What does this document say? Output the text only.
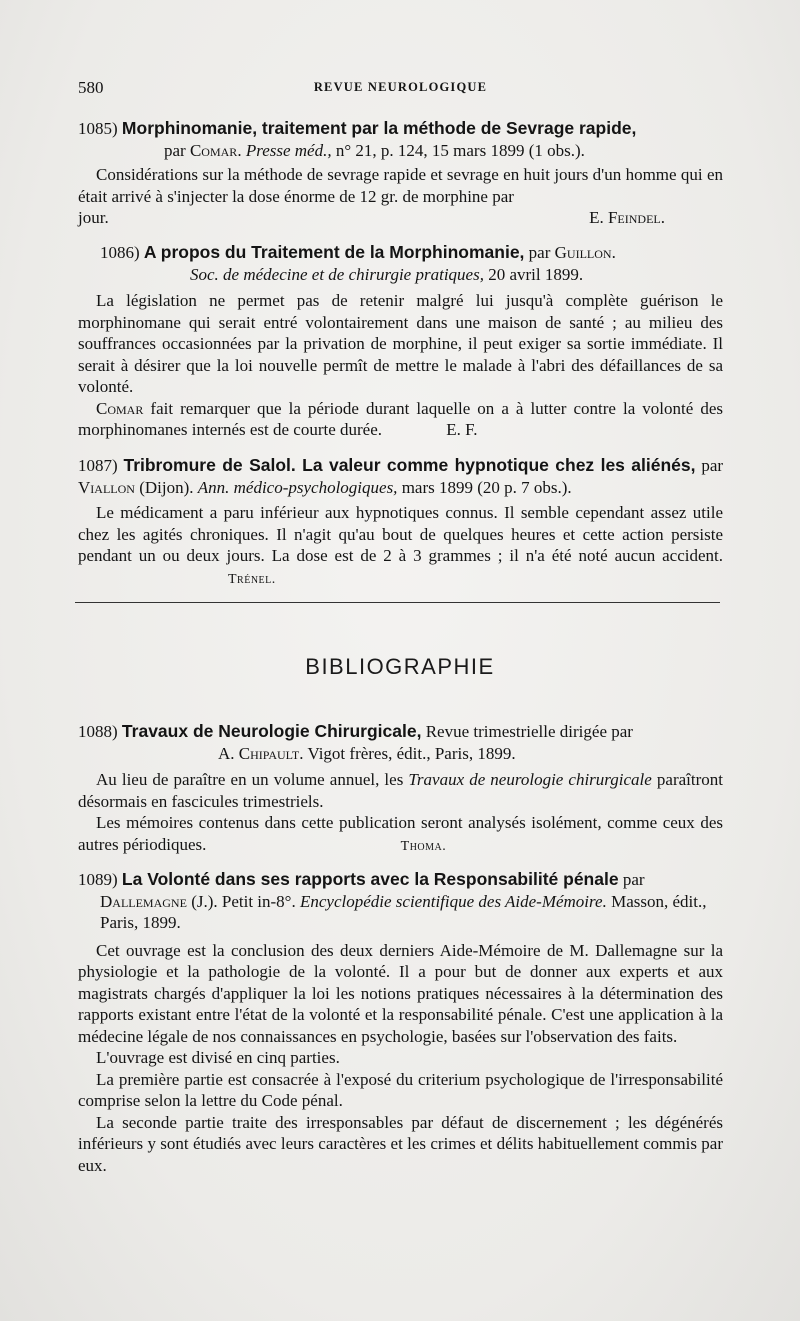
580	REVUE NEUROLOGIQUE

1085) Morphinomanie, traitement par la méthode de Sevrage rapide,

par Comar. Presse méd., n° 21, p. 124, 15 mars 1899 (1 obs.).

Considérations sur la méthode de sevrage rapide et sevrage en huit jours d'un homme qui en était arrivé à s'injecter la dose énorme de 12 gr. de morphine par

jour.	E. Feindel.

1086) A propos du Traitement de la Morphinomanie, par Guillon.

Soc. de médecine et de chirurgie pratiques, 20 avril 1899.

La législation ne permet pas de retenir malgré lui jusqu'à complète guérison le morphinomane qui serait entré volontairement dans une maison de santé ; au milieu des souffrances occasionnées par la privation de morphine, il peut exiger sa sortie immédiate. Il serait à désirer que la loi nouvelle permît de mettre le malade à l'abri des défaillances de sa volonté.

Comar fait remarquer que la période durant laquelle on a à lutter contre la volonté des morphinomanes internés est de courte durée.	E. F.

1087) Tribromure de Salol. La valeur comme hypnotique chez les aliénés, par Viallon (Dijon). Ann. médico-psychologiques, mars 1899 (20 p. 7 obs.).

Le médicament a paru inférieur aux hypnotiques connus. Il semble cependant assez utile chez les agités chroniques. Il n'agit qu'au bout de quelques heures et cette action persiste pendant un ou deux jours. La dose est de 2 à 3 grammes ; il n'a été noté aucun accident. Trénel.

BIBLIOGRAPHIE

1088) Travaux de Neurologie Chirurgicale, Revue trimestrielle dirigée par

A. Chipault. Vigot frères, édit., Paris, 1899.

Au lieu de paraître en un volume annuel, les Travaux de neurologie chirurgicale paraîtront désormais en fascicules trimestriels.

Les mémoires contenus dans cette publication seront analysés isolément, comme ceux des autres périodiques.	Thoma.

1089) La Volonté dans ses rapports avec la Responsabilité pénale par

Dallemagne (J.). Petit in-8°. Encyclopédie scientifique des Aide-Mémoire. Masson, édit., Paris, 1899.

Cet ouvrage est la conclusion des deux derniers Aide-Mémoire de M. Dallemagne sur la physiologie et la pathologie de la volonté. Il a pour but de donner aux experts et aux magistrats chargés d'appliquer la loi les notions pratiques nécessaires à la détermination des rapports existant entre l'état de la volonté et la responsabilité pénale. C'est une application à la médecine légale de nos connaissances en psychologie, basées sur l'observation des faits.

L'ouvrage est divisé en cinq parties.

La première partie est consacrée à l'exposé du criterium psychologique de l'irresponsabilité comprise selon la lettre du Code pénal.

La seconde partie traite des irresponsables par défaut de discernement ; les dégénérés inférieurs y sont étudiés avec leurs caractères et les crimes et délits habituellement commis par eux.
